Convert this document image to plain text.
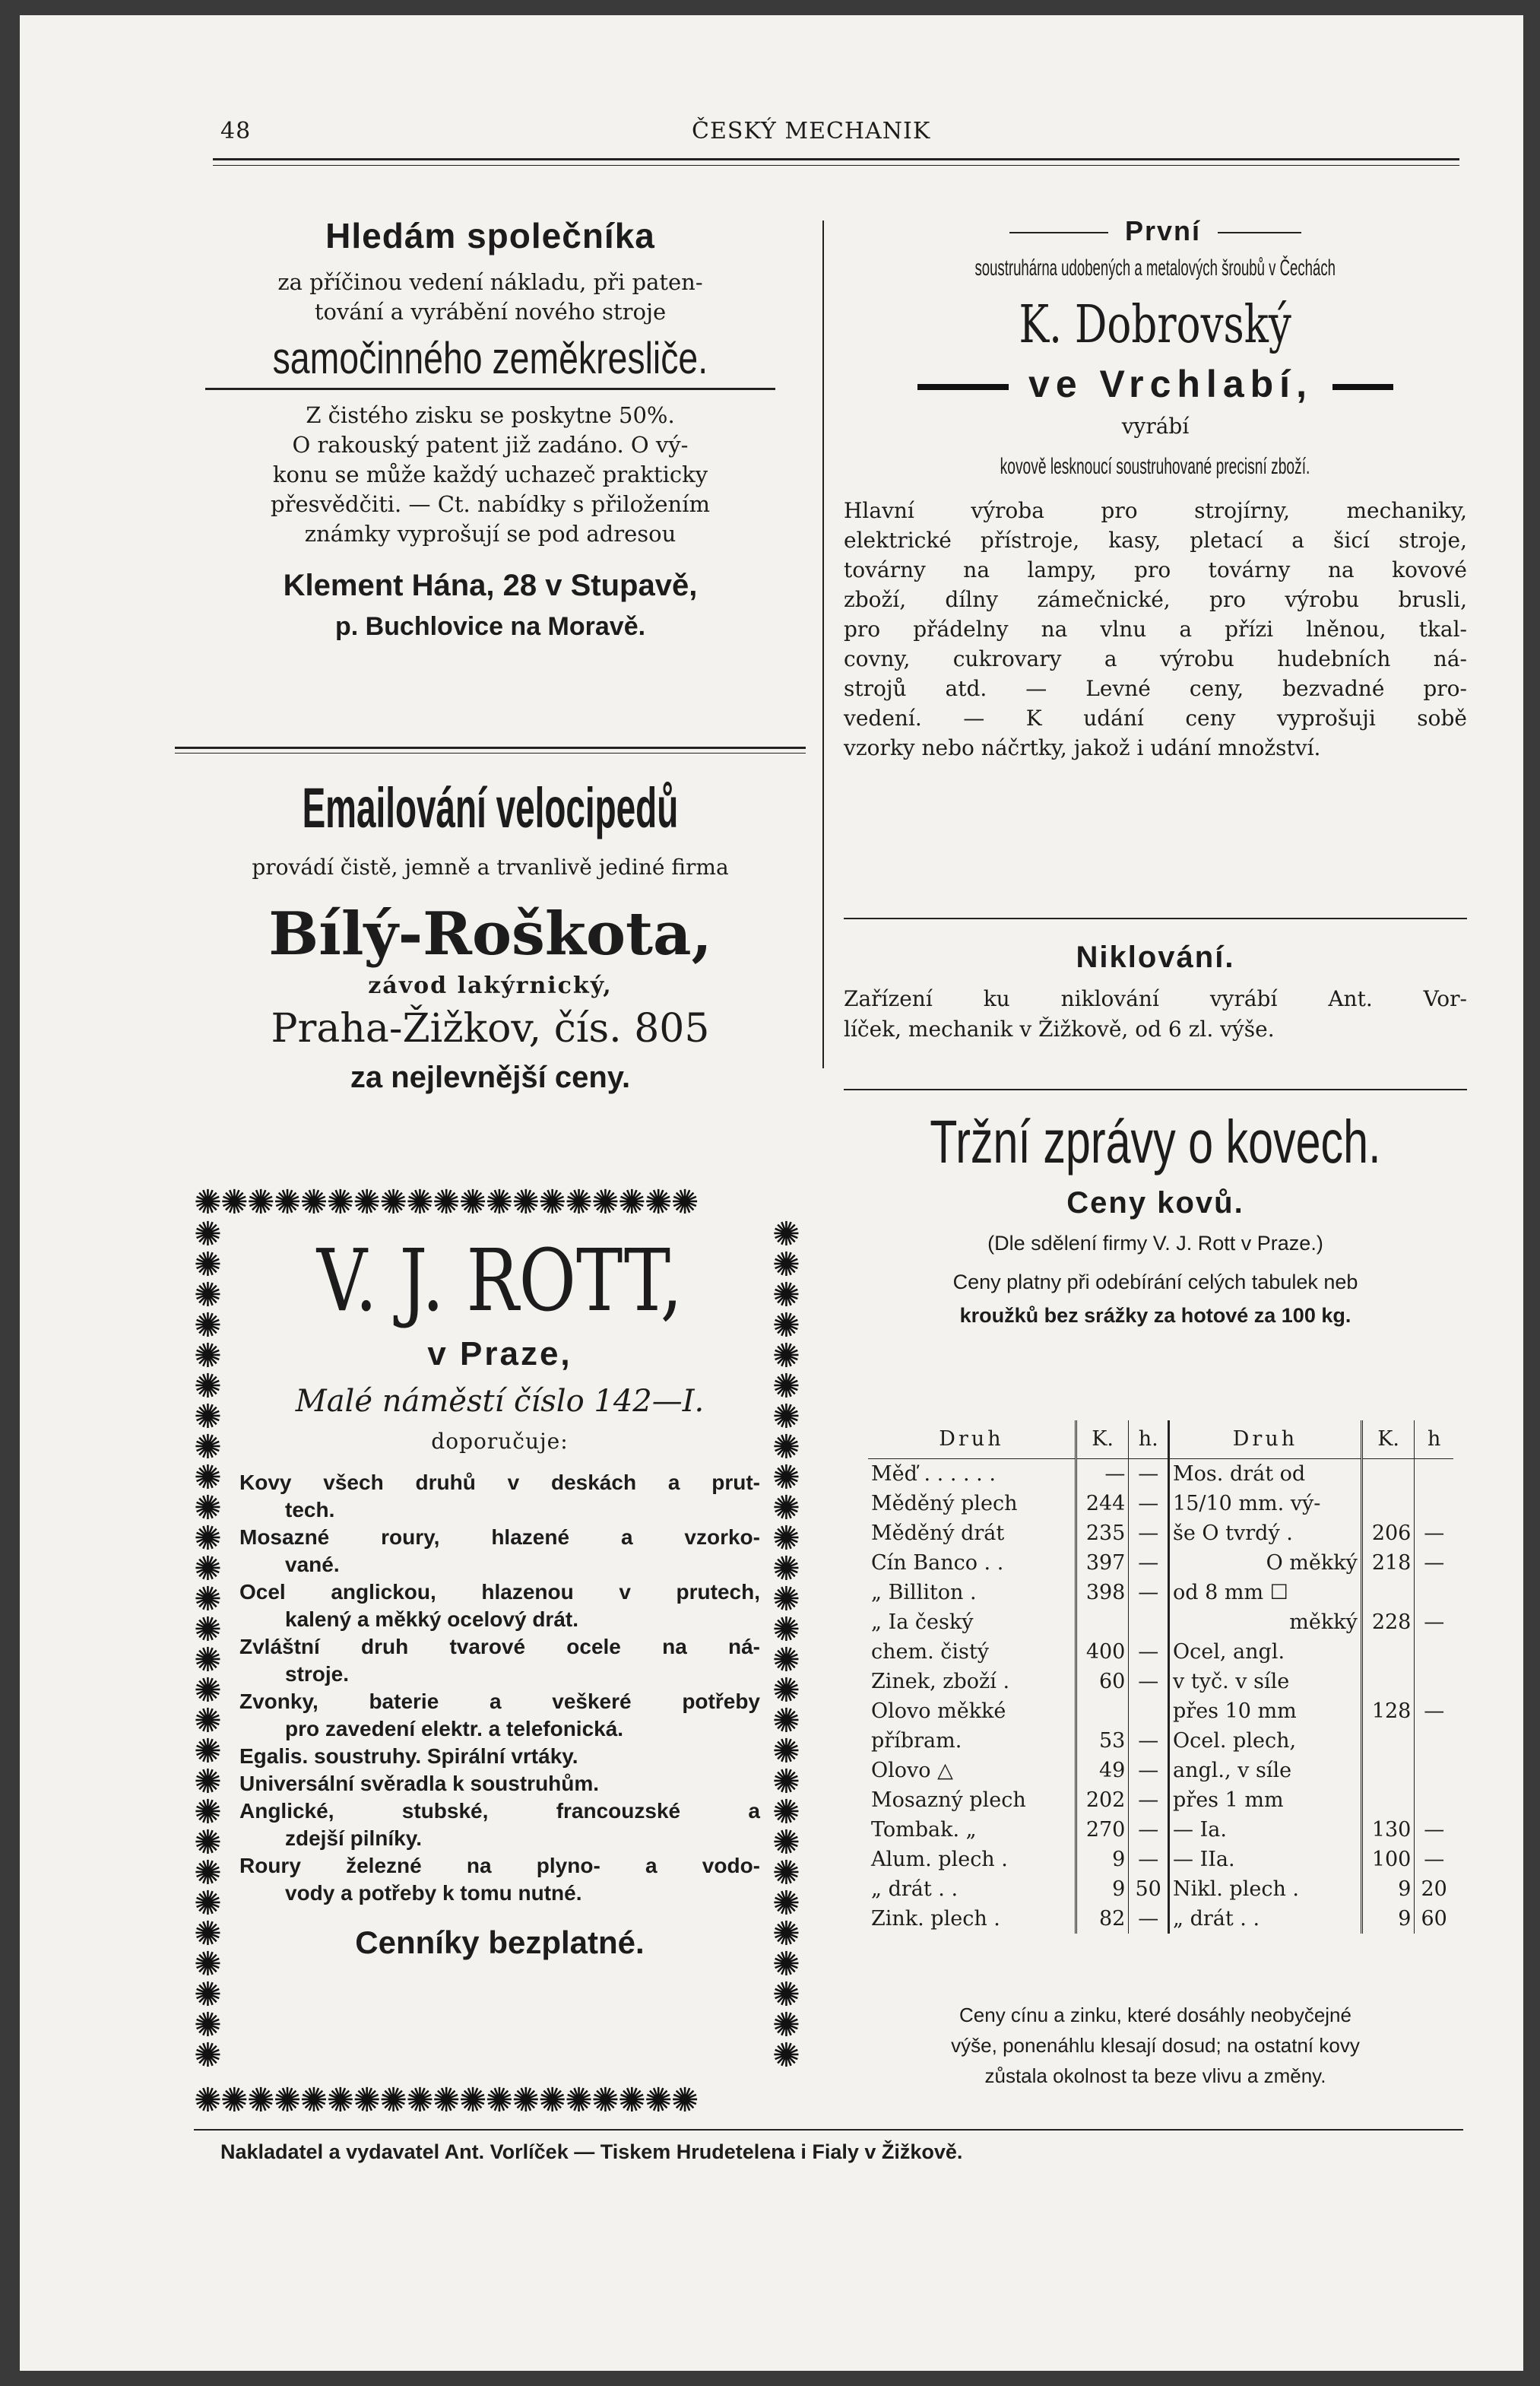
48	ČESKÝ MECHANIK
Hledám společníka
za příčinou vedení nákladu, při paten-
tování a vyrábění nového stroje
samočinného zeměkresliče.
Z čistého zisku se poskytne 50%.
O rakouský patent již zadáno. O vý-
konu se může každý uchazeč prakticky
přesvědčiti. — Ct. nabídky s přiložením
známky vyprošují se pod adresou
Klement Hána, 28 v Stupavě,
p. Buchlovice na Moravě.
Emailování velocipedů
provádí čistě, jemně a trvanlivě jediné firma
Bílý-Roškota,
závod lakýrnický,
Praha-Žižkov, čís. 805
za nejlevnější ceny.
✺✺✺✺✺✺✺✺✺✺✺✺✺✺✺✺✺✺✺
✺✺✺✺✺✺✺✺✺✺✺✺✺✺✺✺✺✺✺
✺
✺
✺
✺
✺
✺
✺
✺
✺
✺
✺
✺
✺
✺
✺
✺
✺
✺
✺
✺
✺
✺
✺
✺
✺
✺
✺
✺
✺
✺
✺
✺
✺
✺
✺
✺
✺
✺
✺
✺
✺
✺
✺
✺
✺
✺
✺
✺
✺
✺
✺
✺
✺
✺
✺
✺
V. J. ROTT,
v Praze,
Malé náměstí číslo 142—I.
doporučuje:
Kovy všech druhů v deskách a prut-
tech.
Mosazné roury, hlazené a vzorko-
vané.
Ocel anglickou, hlazenou v prutech,
kalený a měkký ocelový drát.
Zvláštní druh tvarové ocele na ná-
stroje.
Zvonky, baterie a veškeré potřeby
pro zavedení elektr. a telefonická.
Egalis. soustruhy. Spirální vrtáky.
Universální svěradla k soustruhům.
Anglické, stubské, francouzské a
zdejší pilníky.
Roury železné na plyno- a vodo-
vody a potřeby k tomu nutné.
Cenníky bezplatné.
První
soustruhárna udobených a metalových šroubů v Čechách
K. Dobrovský
ve Vrchlabí,
vyrábí
kovově lesknoucí soustruhované precisní zboží.
Hlavní výroba pro strojírny, mechaniky,
elektrické přístroje, kasy, pletací a šicí stroje,
továrny na lampy, pro továrny na kovové
zboží, dílny zámečnické, pro výrobu brusli,
pro přádelny na vlnu a přízi lněnou, tkal-
covny, cukrovary a výrobu hudebních ná-
strojů atd. — Levné ceny, bezvadné pro-
vedení. — K udání ceny vyprošuji sobě
vzorky nebo náčrtky, jakož i udání množství.
Niklování.
Zařízení ku niklování vyrábí Ant. Vor-
líček, mechanik v Žižkově, od 6 zl. výše.
Tržní zprávy o kovech.
Ceny kovů.
(Dle sdělení firmy V. J. Rott v Praze.)
Ceny platny při odebírání celých tabulek neb
kroužků bez srážky za hotové za 100 kg.
Druh	K.	h.	Druh	K.	h
Měď . . . . . .	—	—	Mos. drát od		
Měděný plech	244	—	15/10 mm. vý-		
Měděný drát	235	—	še O tvrdý .	206	—
Cín Banco . .	397	—	O měkký	218	—
„ Billiton .	398	—	od 8 mm ☐		
„ Ia český			měkký	228	—
chem. čistý	400	—	Ocel, angl.		
Zinek, zboží .	60	—	v tyč. v síle		
Olovo měkké			přes 10 mm	128	—
příbram.	53	—	Ocel. plech,		
Olovo △	49	—	angl., v síle		
Mosazný plech	202	—	přes 1 mm		
Tombak. „	270	—	— Ia.	130	—
Alum. plech .	9	—	— IIa.	100	—
„ drát . .	9	50	Nikl. plech .	9	20
Zink. plech .	82	—	„ drát . .	9	60
Ceny cínu a zinku, které dosáhly neobyčejné
výše, ponenáhlu klesají dosud; na ostatní kovy
zůstala okolnost ta beze vlivu a změny.
Nakladatel a vydavatel Ant. Vorlíček — Tiskem Hrudetelena i Fialy v Žižkově.
